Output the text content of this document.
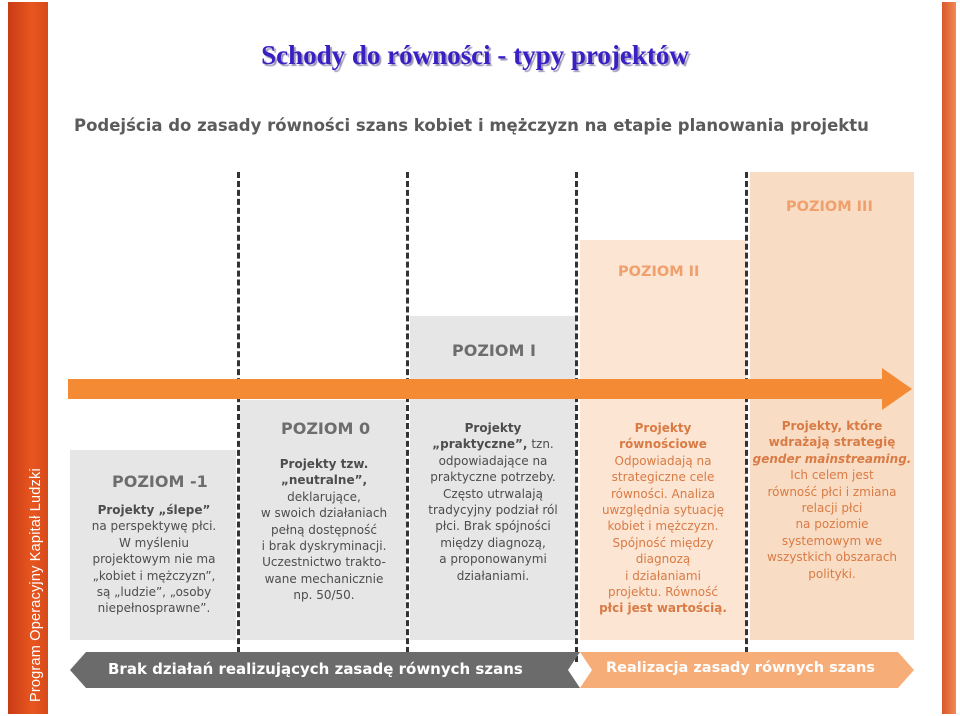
Program Operacyjny Kapitał Ludzki
Schody do równości - typy projektów
Podejścia do zasady równości szans kobiet i mężczyzn na etapie planowania projektu
POZIOM -1
POZIOM 0
POZIOM I
POZIOM II
POZIOM III
Projekty „ślepe”
na perspektywę płci.
W myśleniu
projektowym nie ma
„kobiet i mężczyzn”,
są „ludzie”, „osoby
niepełnosprawne”.
Projekty tzw.
„neutralne”,
deklarujące,
w swoich działaniach
pełną dostępność
i brak dyskryminacji.
Uczestnictwo trakto-
wane mechanicznie
np. 50/50.
Projekty
„praktyczne”, tzn.
odpowiadające na
praktyczne potrzeby.
Często utrwalają
tradycyjny podział ról
płci. Brak spójności
między diagnozą,
a proponowanymi
działaniami.
Projekty
równościowe
Odpowiadają na
strategiczne cele
równości. Analiza
uwzględnia sytuację
kobiet i mężczyzn.
Spójność między
diagnozą
i działaniami
projektu. Równość
płci jest wartością.
Projekty, które
wdrażają strategię
gender mainstreaming.
Ich celem jest
równość płci i zmiana
relacji płci
na poziomie
systemowym we
wszystkich obszarach
polityki.
Brak działań realizujących zasadę równych szans	Realizacja zasady równych szans
